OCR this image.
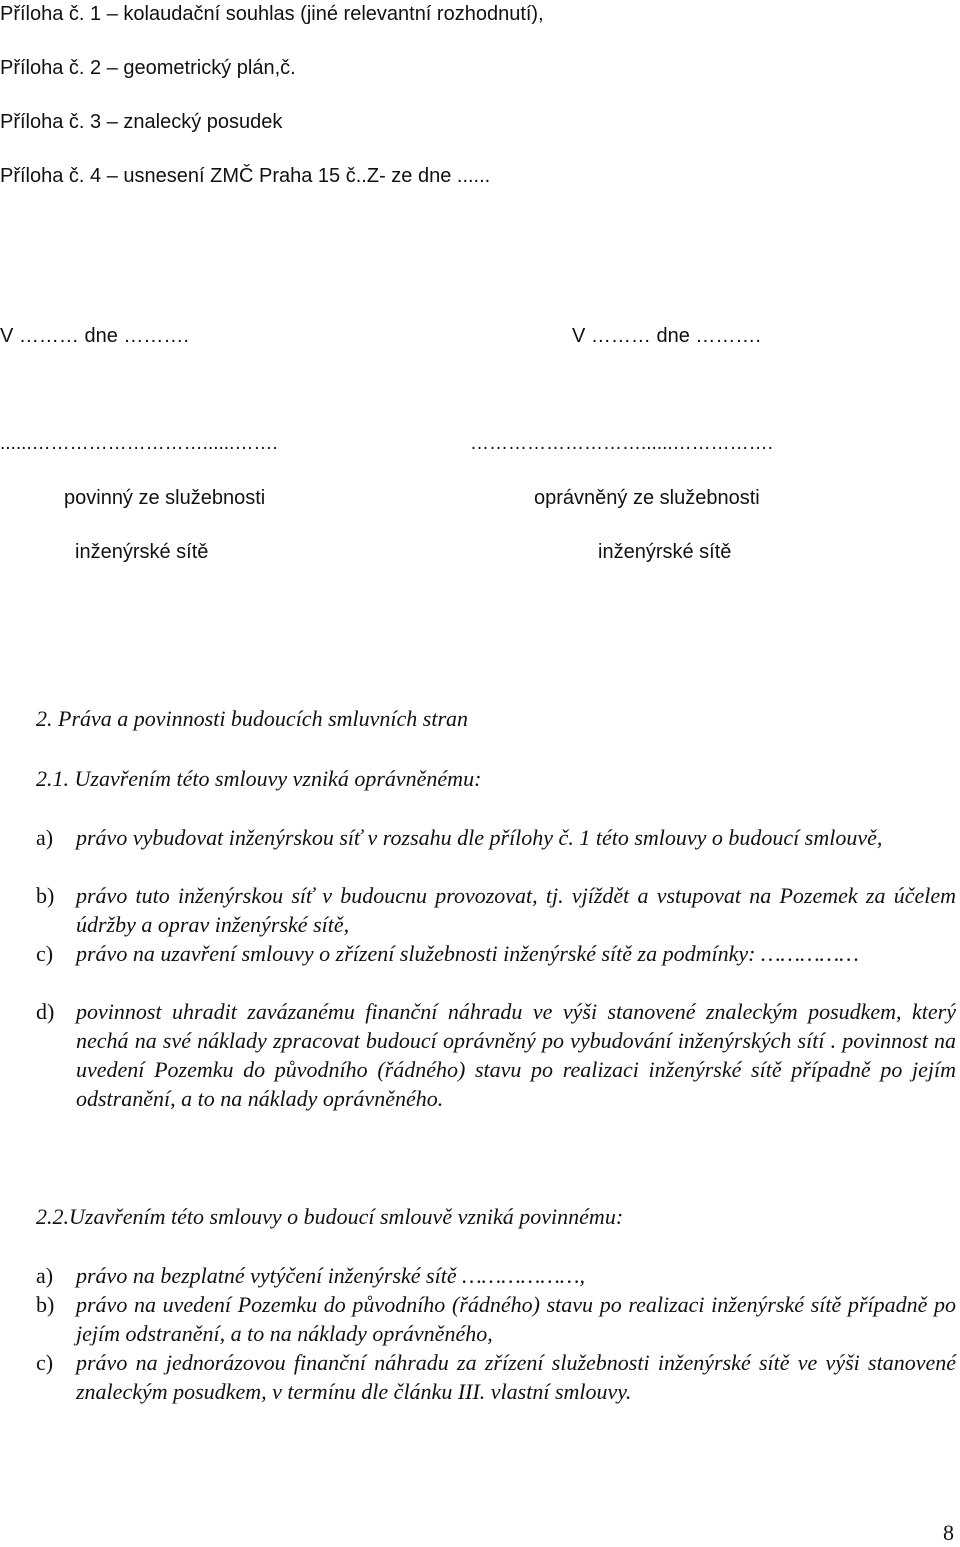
Příloha č. 1 – kolaudační souhlas (jiné relevantní rozhodnutí),
Příloha č. 2 – geometrický plán,č.
Příloha č. 3 – znalecký posudek
Příloha č. 4 – usnesení ZMČ Praha 15 č..Z- ze dne ......
V ……… dne ……….	V ……… dne ……….
......………………………......…….	………………………......…………….
povinný ze služebnosti
inženýrské sítě
oprávněný ze služebnosti
inženýrské sítě
2. Práva a povinnosti budoucích smluvních stran
2.1. Uzavřením této smlouvy vzniká oprávněnému:
a) právo vybudovat inženýrskou síť v rozsahu dle přílohy č. 1 této smlouvy o budoucí smlouvě,
b) právo tuto inženýrskou síť v budoucnu provozovat, tj. vjíždět a vstupovat na Pozemek za účelem údržby a oprav inženýrské sítě,
c) právo na uzavření smlouvy o zřízení služebnosti inženýrské sítě za podmínky: ……………
d) povinnost uhradit zavázanému finanční náhradu ve výši stanovené znaleckým posudkem, který nechá na své náklady zpracovat budoucí oprávněný po vybudování inženýrských sítí . povinnost na uvedení Pozemku do původního (řádného) stavu po realizaci inženýrské sítě případně po jejím odstranění, a to na náklady oprávněného.
2.2.Uzavřením této smlouvy o budoucí smlouvě vzniká povinnému:
a) právo na bezplatné vytýčení inženýrské sítě ………………,
b) právo na uvedení Pozemku do původního (řádného) stavu po realizaci inženýrské sítě případně po jejím odstranění, a to na náklady oprávněného,
c) právo na jednorázovou finanční náhradu za zřízení služebnosti inženýrské sítě ve výši stanovené znaleckým posudkem, v termínu dle článku III. vlastní smlouvy.
8
